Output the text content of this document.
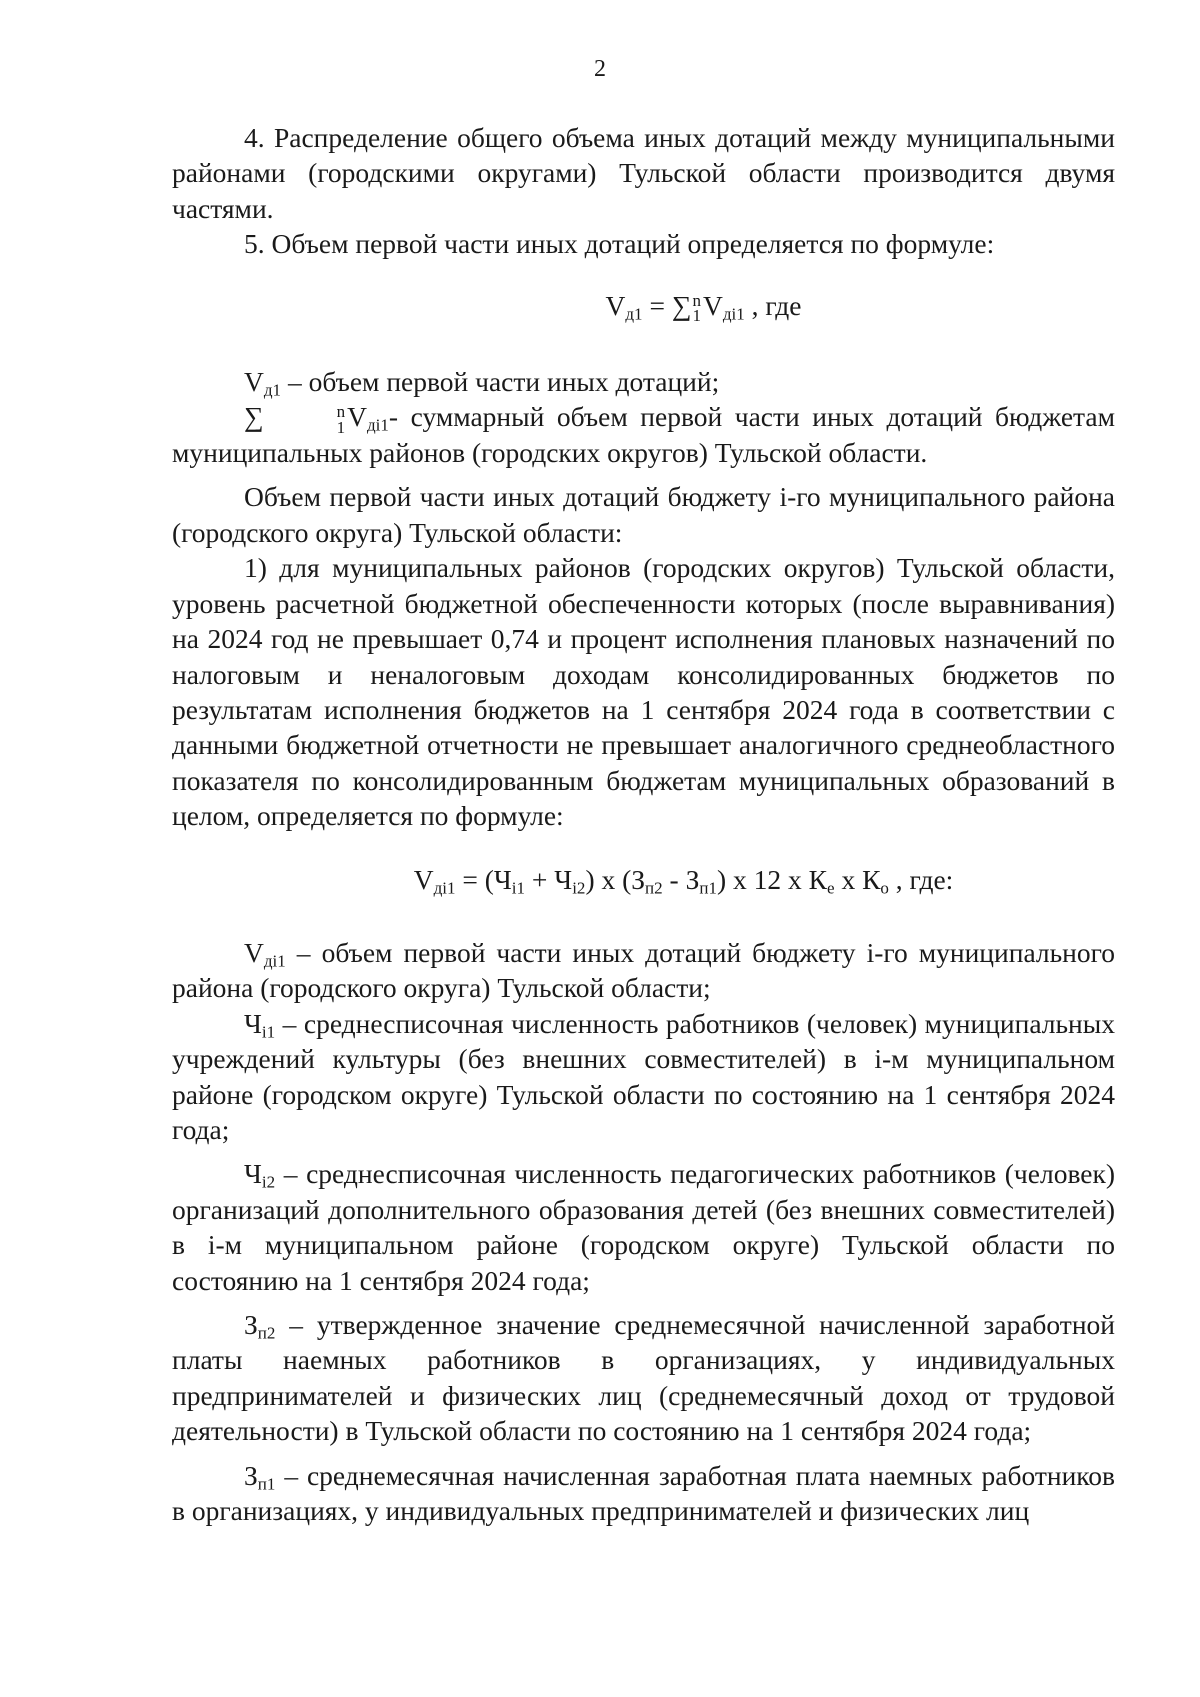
2

4. Распределение общего объема иных дотаций между муниципальными районами (городскими округами) Тульской области производится двумя частями.

5. Объем первой части иных дотаций определяется по формуле:

$V_{д1}$ = ∑ n
1 $V_{дi1}$ , где

$V_{д1}$ – объем первой части иных дотаций;

∑	n
1 $V_{дi1}-$ суммарный объем первой части иных дотаций бюджетам муниципальных районов (городских округов) Тульской области.

Объем первой части иных дотаций бюджету i-го муниципального района (городского округа) Тульской области:

1) для муниципальных районов (городских округов) Тульской области, уровень расчетной бюджетной обеспеченности которых (после выравнивания) на 2024 год не превышает 0,74 и процент исполнения плановых назначений по налоговым и неналоговым доходам консолидированных бюджетов по результатам исполнения бюджетов на 1 сентября 2024 года в соответствии с данными бюджетной отчетности не превышает аналогичного среднеобластного показателя по консолидированным бюджетам муниципальных образований в целом, определяется по формуле:

$V_{дi1} = (Ч_{i1} + Ч_{i2})$ x $(З_{п2} - З_{п1})$ x 12 x $К_е$ x $К_о$ , где:

$V_{дi1}$ – объем первой части иных дотаций бюджету i-го муниципального района (городского округа) Тульской области;

$Ч_{i1}$ – среднесписочная численность работников (человек) муниципальных учреждений культуры (без внешних совместителей) в i-м муниципальном районе (городском округе) Тульской области по состоянию на 1 сентября 2024 года;

$Ч_{i2}$ – среднесписочная численность педагогических работников (человек) организаций дополнительного образования детей (без внешних совместителей) в i-м муниципальном районе (городском округе) Тульской области по состоянию на 1 сентября 2024 года;

$З_{п2}$ – утвержденное значение среднемесячной начисленной заработной платы наемных работников в организациях, у индивидуальных предпринимателей и физических лиц (среднемесячный доход от трудовой деятельности) в Тульской области по состоянию на 1 сентября 2024 года;

$З_{п1}$ – среднемесячная начисленная заработная плата наемных работников в организациях, у индивидуальных предпринимателей и физических лиц
